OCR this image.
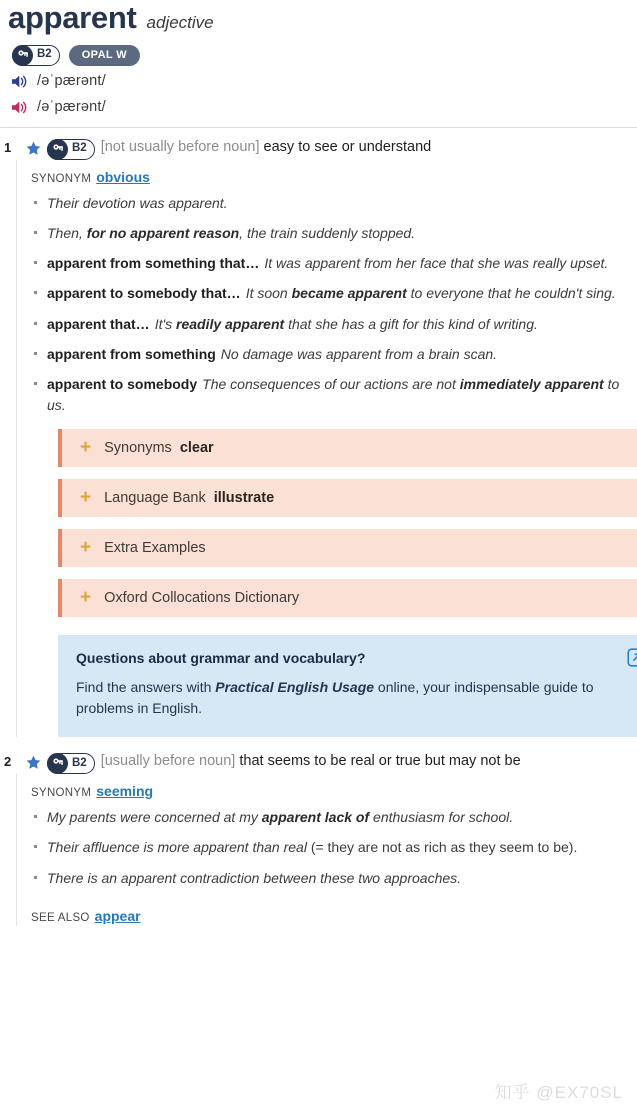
apparent adjective
B2	OPAL W
/əˈpærənt/
/əˈpærənt/
1	B2 [not usually before noun] easy to see or understand
SYNONYM obvious
Their devotion was apparent.
Then, for no apparent reason, the train suddenly stopped.
apparent from something that… It was apparent from her face that she was really upset.
apparent to somebody that… It soon became apparent to everyone that he couldn't sing.
apparent that… It's readily apparent that she has a gift for this kind of writing.
apparent from something No damage was apparent from a brain scan.
apparent to somebody The consequences of our actions are not immediately apparent to us.
+ Synonyms clear
+ Language Bank illustrate
+ Extra Examples
+ Oxford Collocations Dictionary
Questions about grammar and vocabulary?
Find the answers with Practical English Usage online, your indispensable guide to problems in English.
2	B2 [usually before noun] that seems to be real or true but may not be
SYNONYM seeming
My parents were concerned at my apparent lack of enthusiasm for school.
Their affluence is more apparent than real (= they are not as rich as they seem to be).
There is an apparent contradiction between these two approaches.
SEE ALSO appear
知乎 @EX70SL
